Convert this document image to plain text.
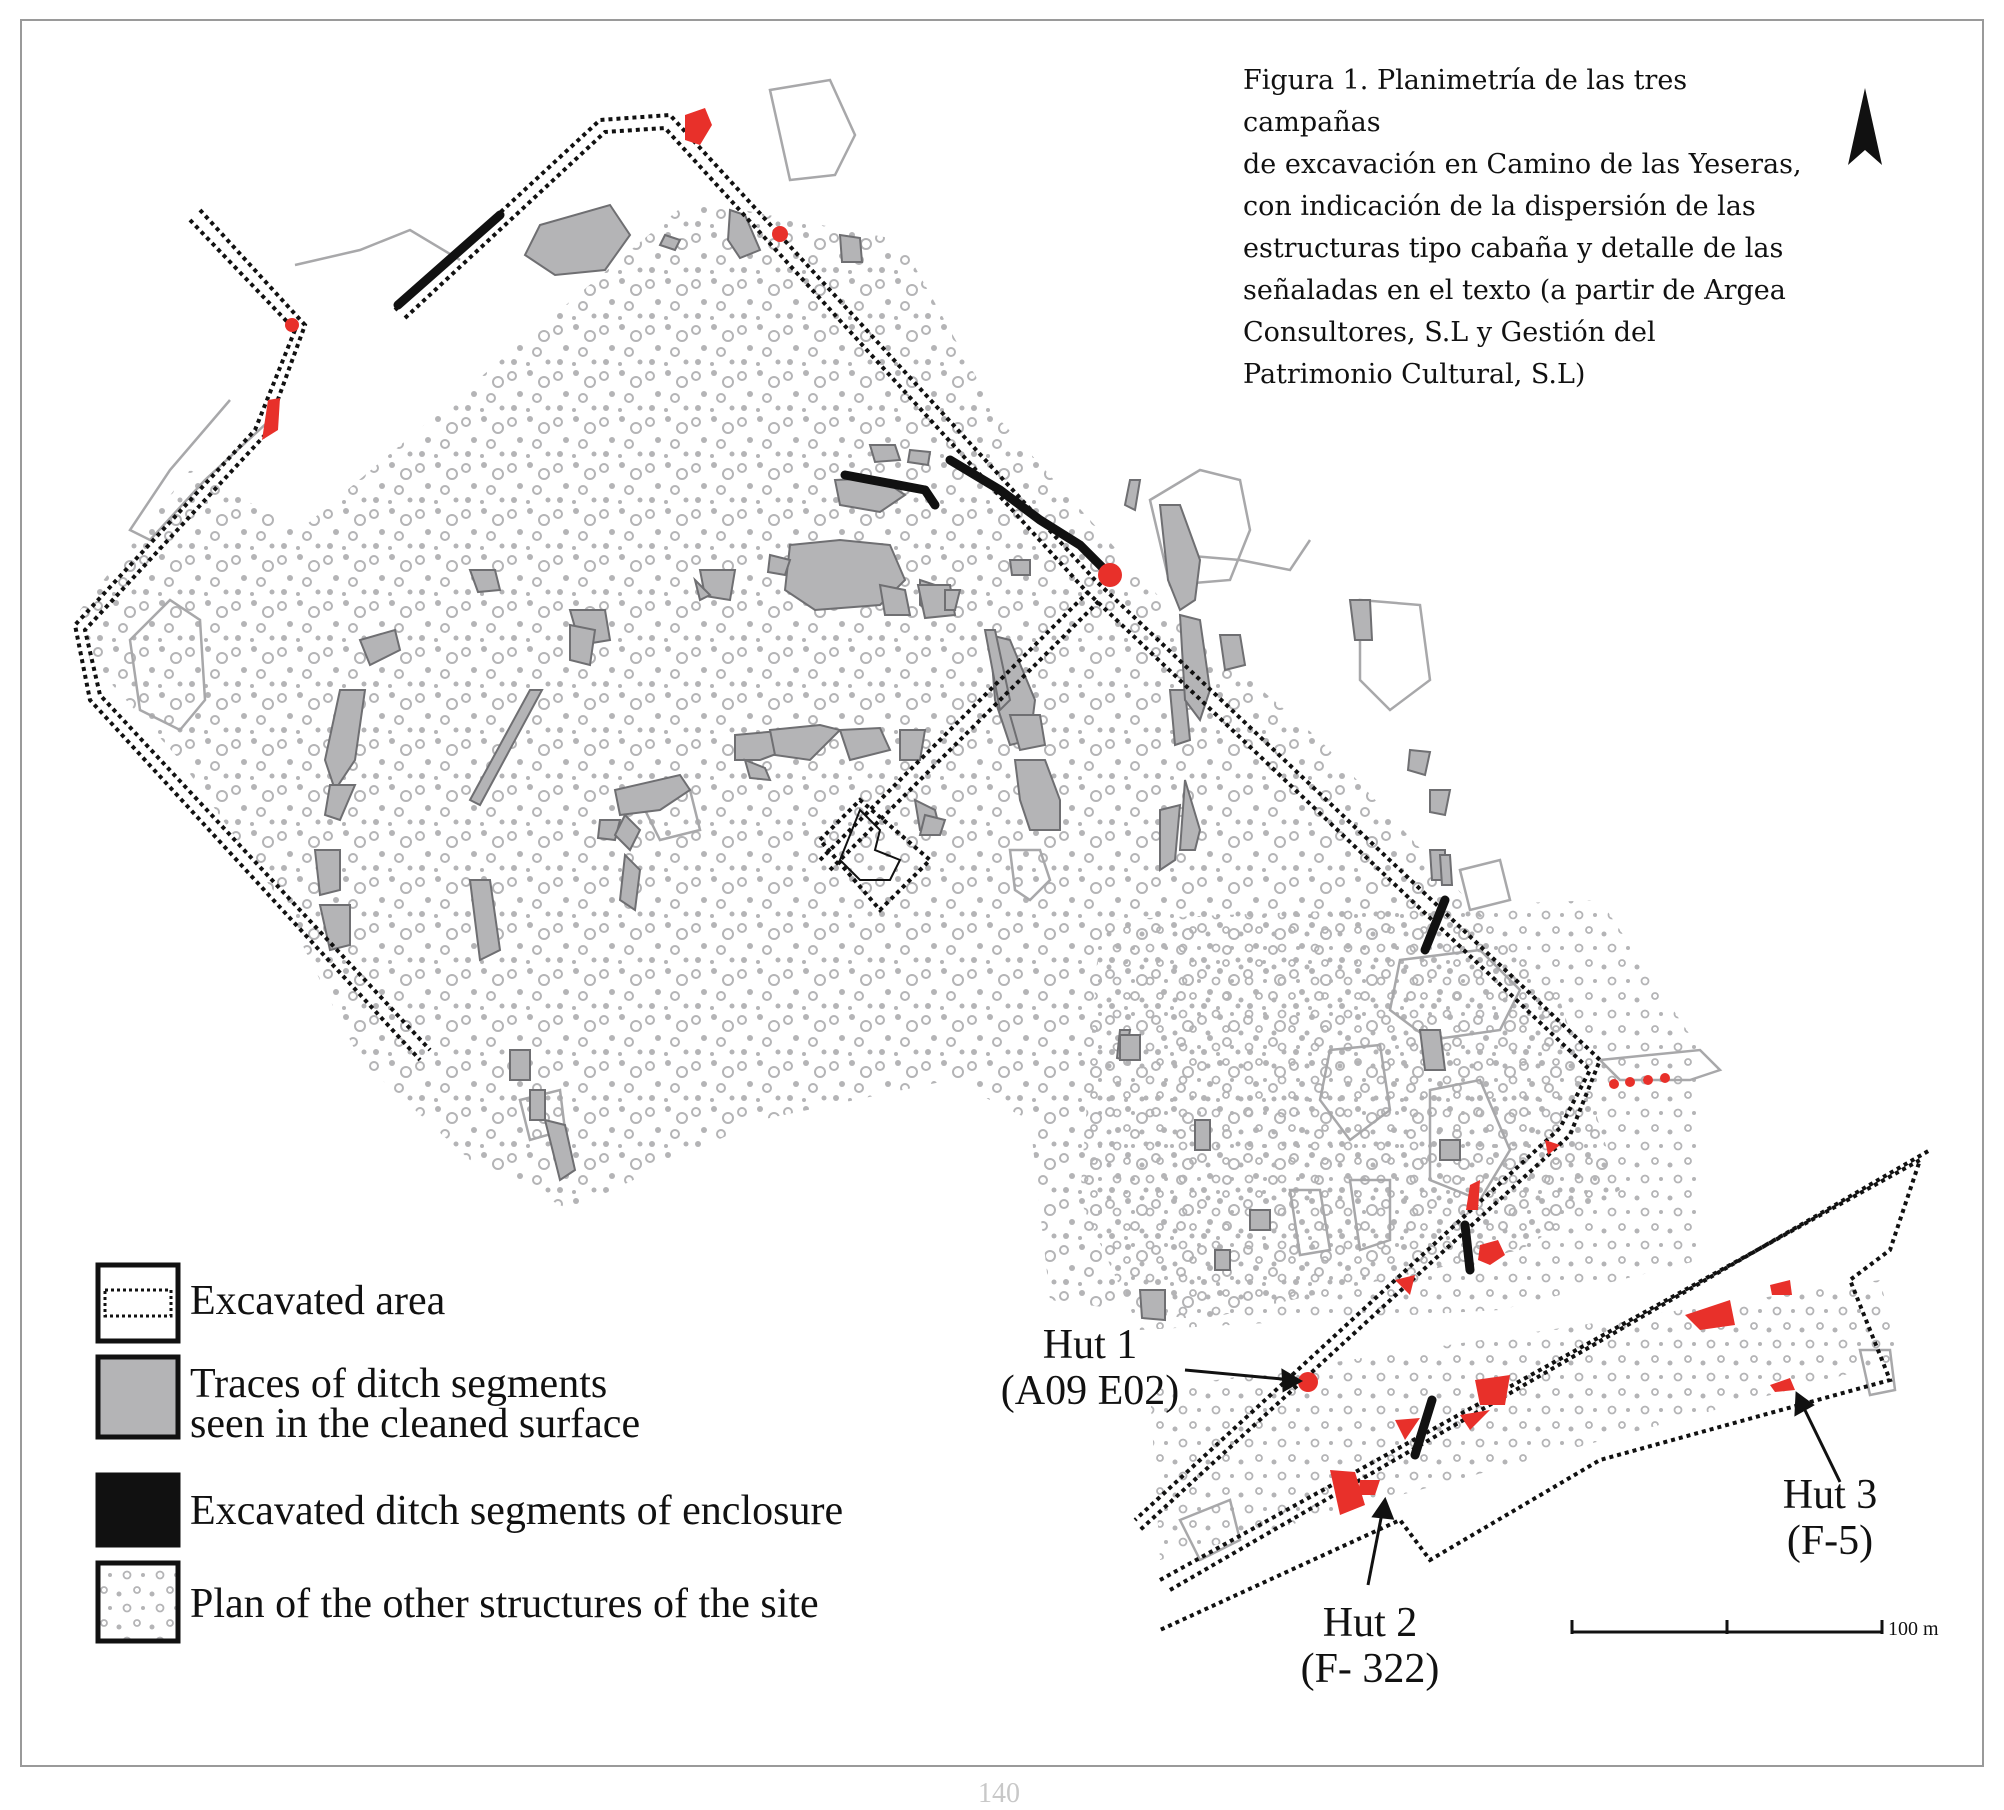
Figura 1. Planimetría de las tres campañas

de excavación en Camino de las Yeseras,

con indicación de la dispersión de las

estructuras tipo cabaña y detalle de las

señaladas en el texto (a partir de Argea

Consultores, S.L y Gestión del

Patrimonio Cultural, S.L)

Excavated area
Traces of ditch segments
seen in the cleaned surface
Excavated ditch segments of enclosure
Plan of the other structures of the site
Hut 1
(A09 E02)
Hut 2
(F- 322)
Hut 3
(F-5)
100 m
140
